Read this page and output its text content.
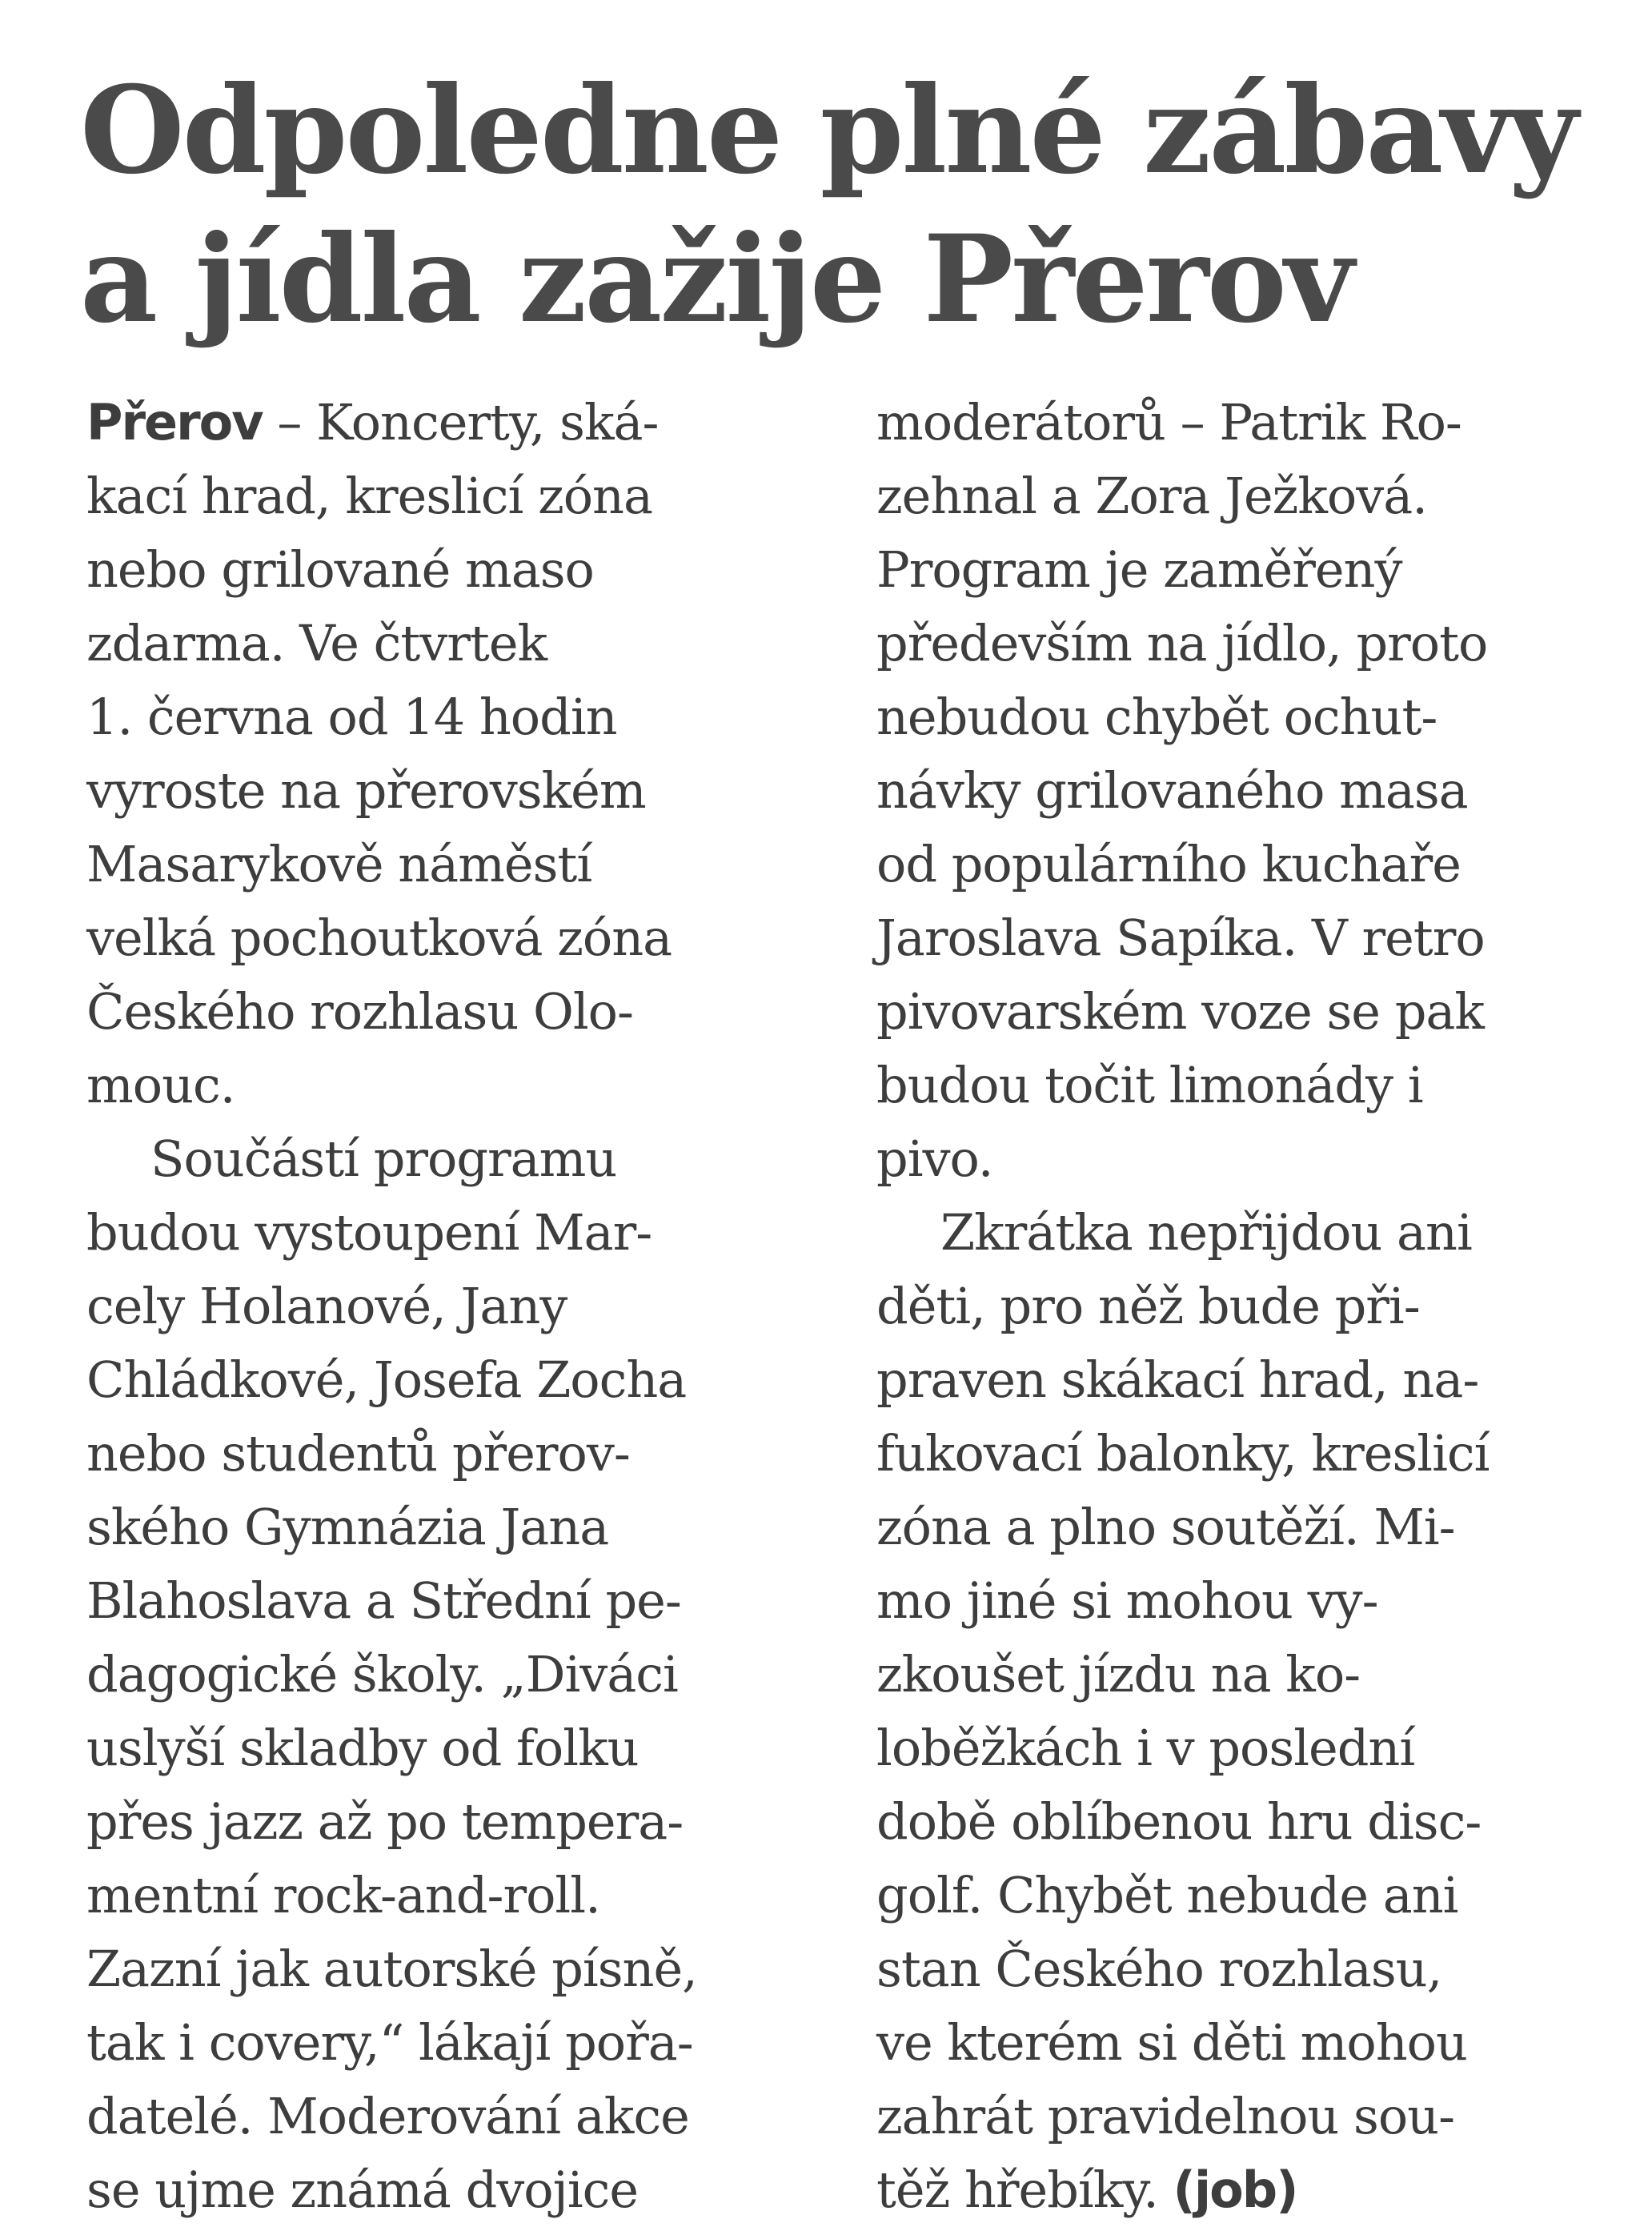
Odpoledne plné zábavy
a jídla zažije Přerov
Přerov – Koncerty, ská-
kací hrad, kreslicí zóna
nebo grilované maso
zdarma. Ve čtvrtek
1. června od 14 hodin
vyroste na přerovském
Masarykově náměstí
velká pochoutková zóna
Českého rozhlasu Olo-
mouc.
Součástí programu
budou vystoupení Mar-
cely Holanové, Jany
Chládkové, Josefa Zocha
nebo studentů přerov-
ského Gymnázia Jana
Blahoslava a Střední pe-
dagogické školy. „Diváci
uslyší skladby od folku
přes jazz až po tempera-
mentní rock-and-roll.
Zazní jak autorské písně,
tak i covery,“ lákají pořa-
datelé. Moderování akce
se ujme známá dvojice
moderátorů – Patrik Ro-
zehnal a Zora Ježková.
Program je zaměřený
především na jídlo, proto
nebudou chybět ochut-
návky grilovaného masa
od populárního kuchaře
Jaroslava Sapíka. V retro
pivovarském voze se pak
budou točit limonády i
pivo.
Zkrátka nepřijdou ani
děti, pro něž bude při-
praven skákací hrad, na-
fukovací balonky, kreslicí
zóna a plno soutěží. Mi-
mo jiné si mohou vy-
zkoušet jízdu na ko-
loběžkách i v poslední
době oblíbenou hru disc-
golf. Chybět nebude ani
stan Českého rozhlasu,
ve kterém si děti mohou
zahrát pravidelnou sou-
těž hřebíky. (job)
